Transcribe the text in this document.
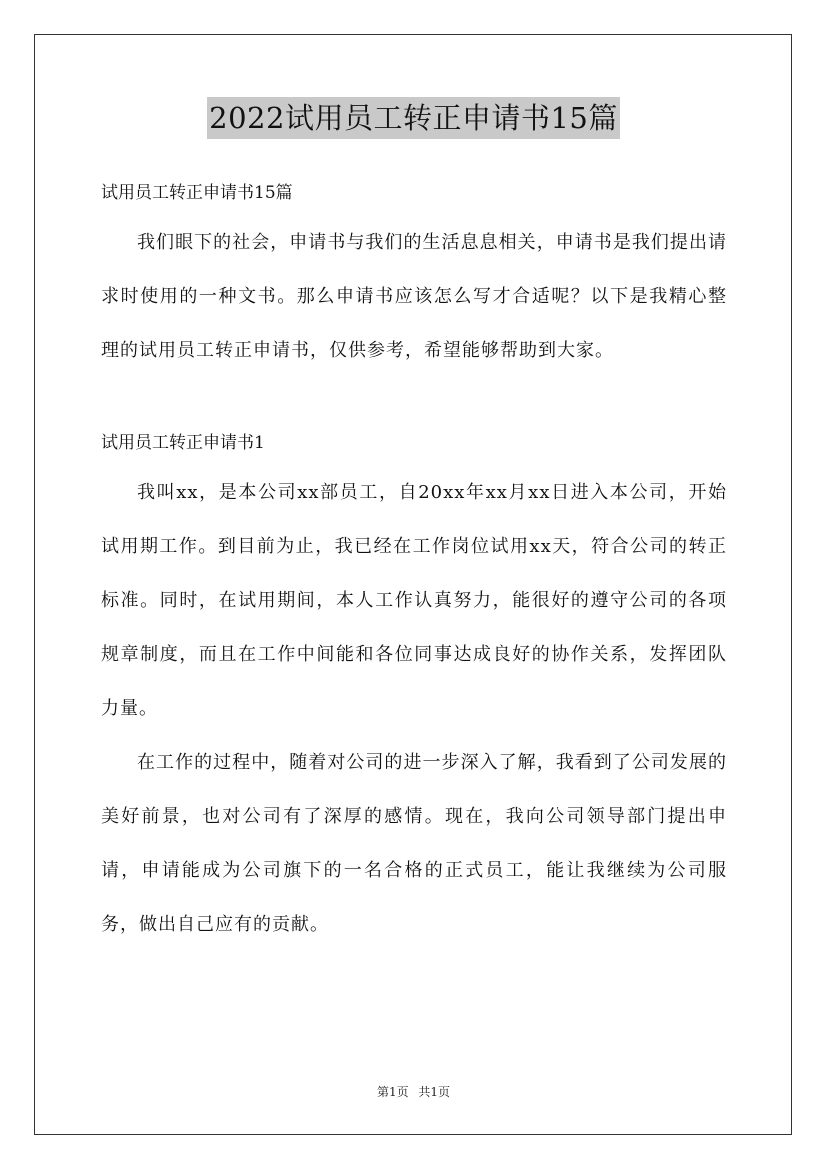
2022试用员工转正申请书15篇

试用员工转正申请书15篇

我们眼下的社会，申请书与我们的生活息息相关，申请书是我们提出请求时使用的一种文书。那么申请书应该怎么写才合适呢？以下是我精心整理的试用员工转正申请书，仅供参考，希望能够帮助到大家。

试用员工转正申请书1

我叫xx，是本公司xx部员工，自20xx年xx月xx日进入本公司，开始试用期工作。到目前为止，我已经在工作岗位试用xx天，符合公司的转正标准。同时，在试用期间，本人工作认真努力，能很好的遵守公司的各项规章制度，而且在工作中间能和各位同事达成良好的协作关系，发挥团队力量。

在工作的过程中，随着对公司的进一步深入了解，我看到了公司发展的美好前景，也对公司有了深厚的感情。现在，我向公司领导部门提出申请，申请能成为公司旗下的一名合格的正式员工，能让我继续为公司服务，做出自己应有的贡献。

第1页 共1页
